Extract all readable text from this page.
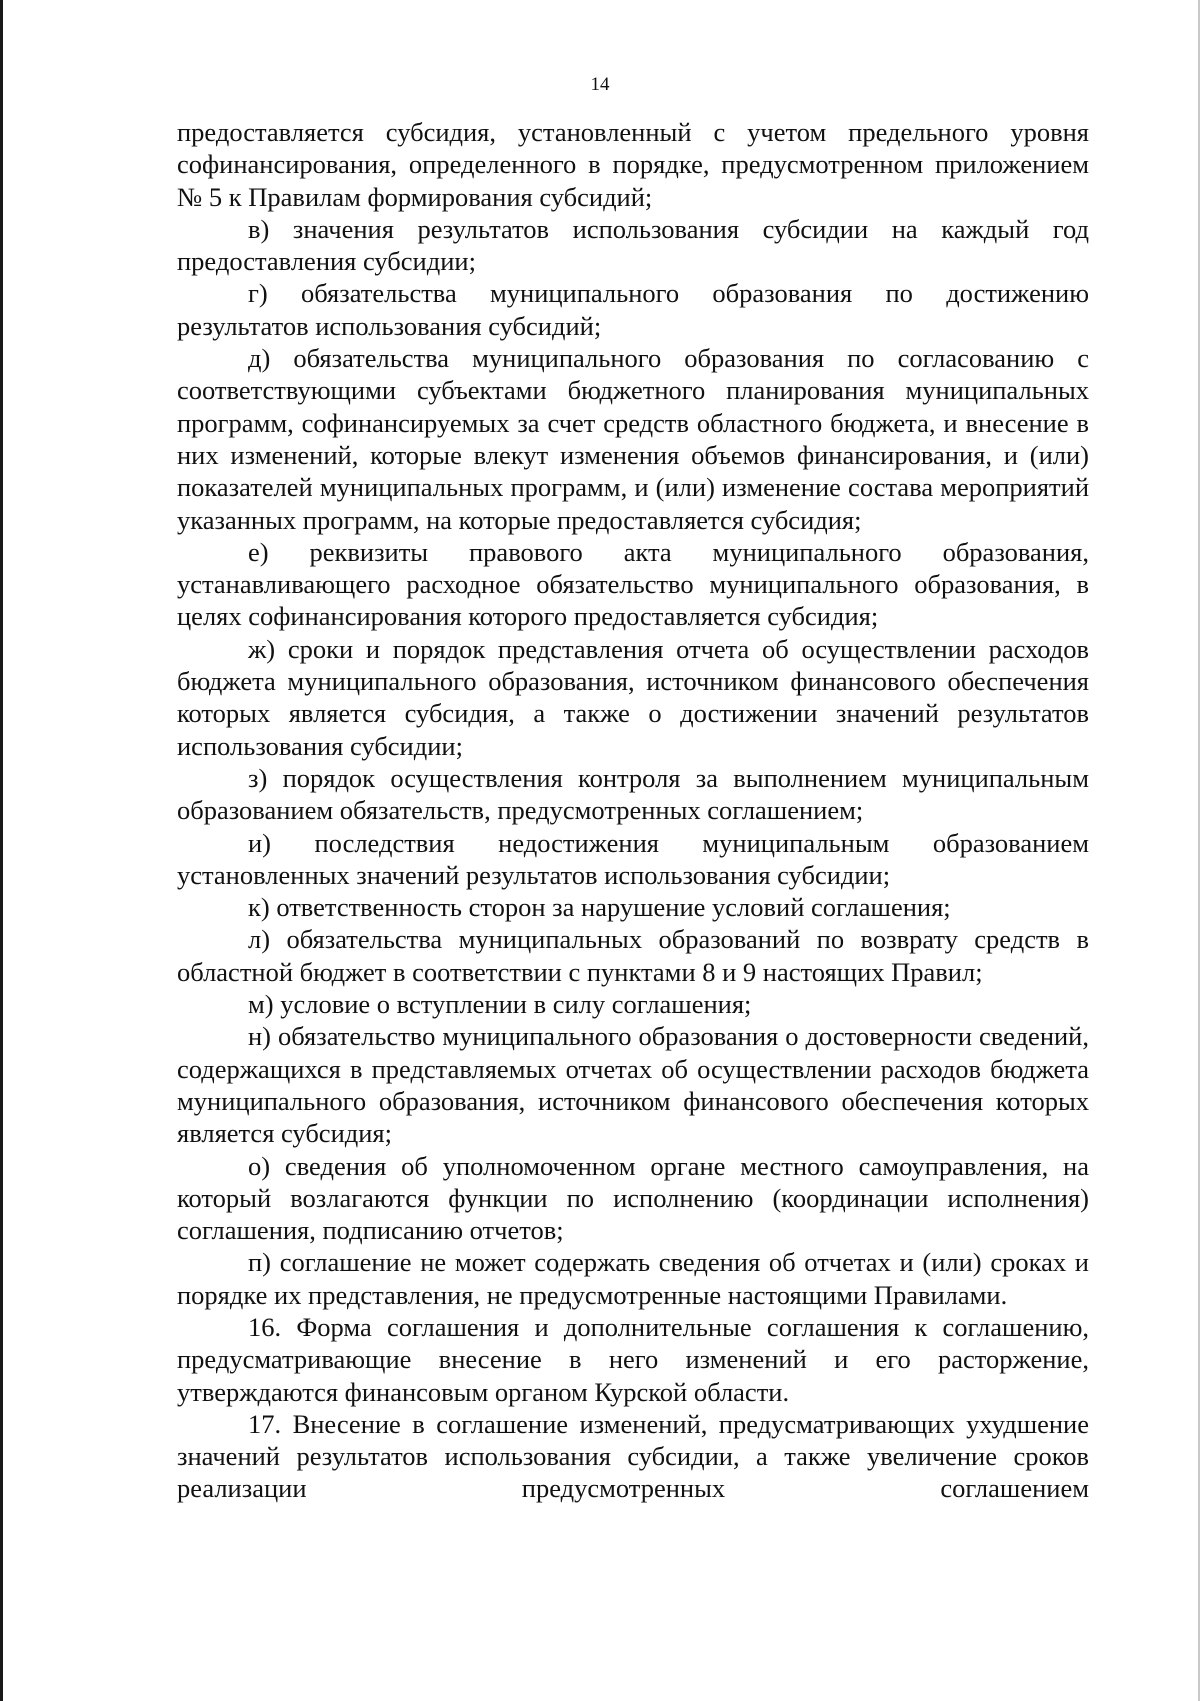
14

предоставляется субсидия, установленный с учетом предельного уровня софинансирования, определенного в порядке, предусмотренном приложением № 5 к Правилам формирования субсидий;

в) значения результатов использования субсидии на каждый год предоставления субсидии;

г) обязательства муниципального образования по достижению результатов использования субсидий;

д) обязательства муниципального образования по согласованию с соответствующими субъектами бюджетного планирования муниципальных программ, софинансируемых за счет средств областного бюджета, и внесение в них изменений, которые влекут изменения объемов финансирования, и (или) показателей муниципальных программ, и (или) изменение состава мероприятий указанных программ, на которые предоставляется субсидия;

е) реквизиты правового акта муниципального образования, устанавливающего расходное обязательство муниципального образования, в целях софинансирования которого предоставляется субсидия;

ж) сроки и порядок представления отчета об осуществлении расходов бюджета муниципального образования, источником финансового обеспечения которых является субсидия, а также о достижении значений результатов использования субсидии;

з) порядок осуществления контроля за выполнением муниципальным образованием обязательств, предусмотренных соглашением;

и) последствия недостижения муниципальным образованием установленных значений результатов использования субсидии;

к) ответственность сторон за нарушение условий соглашения;

л) обязательства муниципальных образований по возврату средств в областной бюджет в соответствии с пунктами 8 и 9 настоящих Правил;

м) условие о вступлении в силу соглашения;

н) обязательство муниципального образования о достоверности сведений, содержащихся в представляемых отчетах об осуществлении расходов бюджета муниципального образования, источником финансового обеспечения которых является субсидия;

о) сведения об уполномоченном органе местного самоуправления, на который возлагаются функции по исполнению (координации исполнения) соглашения, подписанию отчетов;

п) соглашение не может содержать сведения об отчетах и (или) сроках и порядке их представления, не предусмотренные настоящими Правилами.

16. Форма соглашения и дополнительные соглашения к соглашению, предусматривающие внесение в него изменений и его расторжение, утверждаются финансовым органом Курской области.

17. Внесение в соглашение изменений, предусматривающих ухудшение значений результатов использования субсидии, а также увеличение сроков реализации предусмотренных соглашением
